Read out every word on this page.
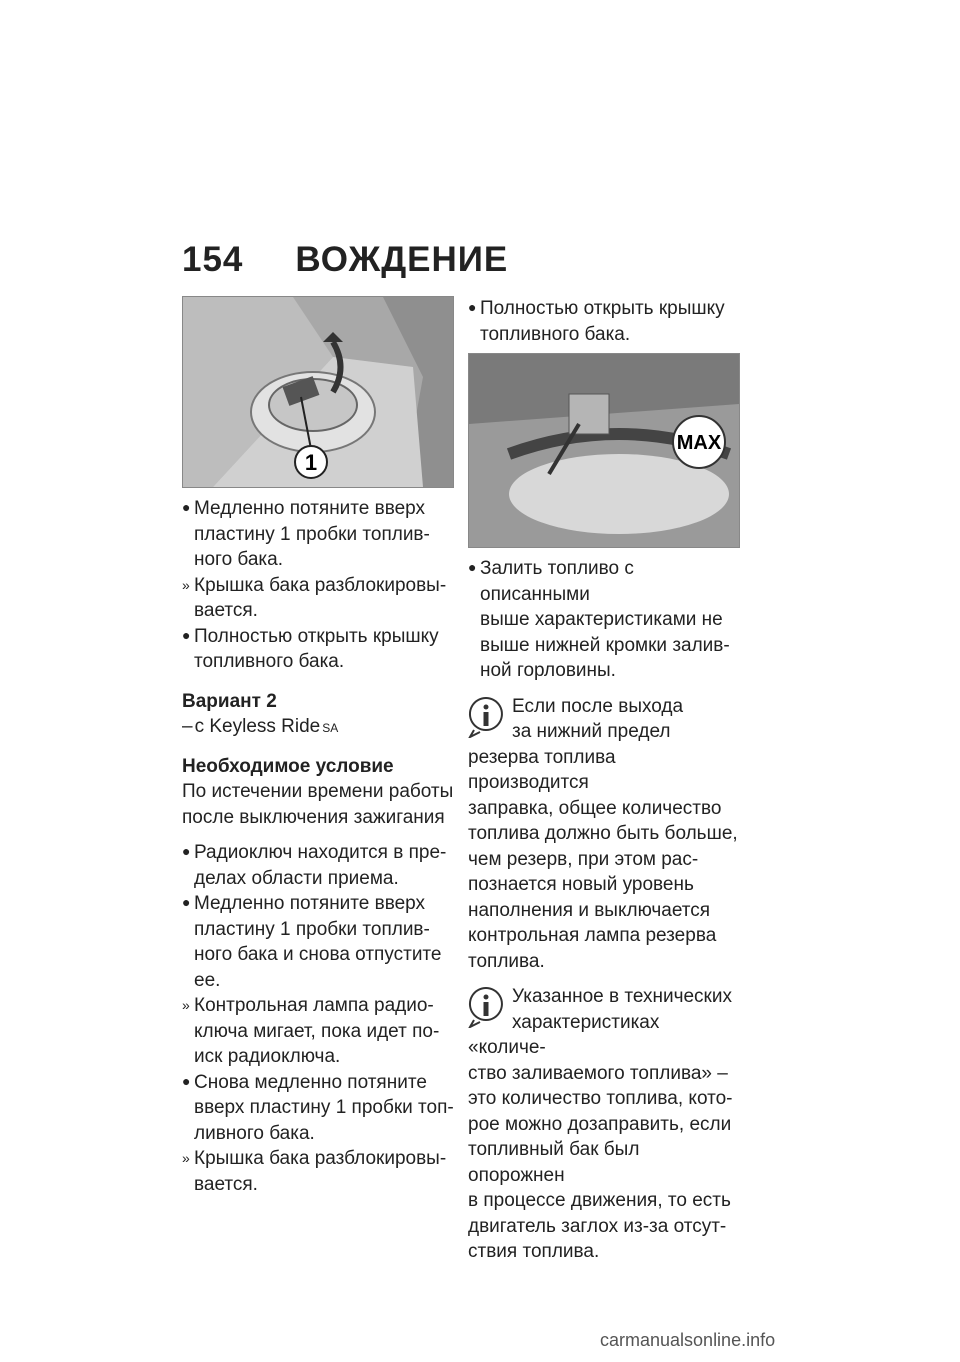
154 ВОЖДЕНИЕ
1
● Медленно потяните вверх
пластину 1 пробки топлив-
ного бака.
» Крышка бака разблокировы-
вается.
● Полностью открыть крышку
топливного бака.
Вариант 2
– с Keyless Ride SA
Необходимое условие
По истечении времени работы
после выключения зажигания
● Радиоключ находится в пре-
делах области приема.
● Медленно потяните вверх
пластину 1 пробки топлив-
ного бака и снова отпустите
ее.
» Контрольная лампа радио-
ключа мигает, пока идет по-
иск радиоключа.
● Снова медленно потяните
вверх пластину 1 пробки топ-
ливного бака.
» Крышка бака разблокировы-
вается.
● Полностью открыть крышку
топливного бака.
MAX
● Залить топливо с описанными
выше характеристиками не
выше нижней кромки залив-
ной горловины.
Если после выхода
за нижний предел
резерва топлива производится
заправка, общее количество
топлива должно быть больше,
чем резерв, при этом рас-
познается новый уровень
наполнения и выключается
контрольная лампа резерва
топлива.
Указанное в технических
характеристиках «количе-
ство заливаемого топлива» –
это количество топлива, кото-
рое можно дозаправить, если
топливный бак был опорожнен
в процессе движения, то есть
двигатель заглох из-за отсут-
ствия топлива.
carmanualsonline.info
